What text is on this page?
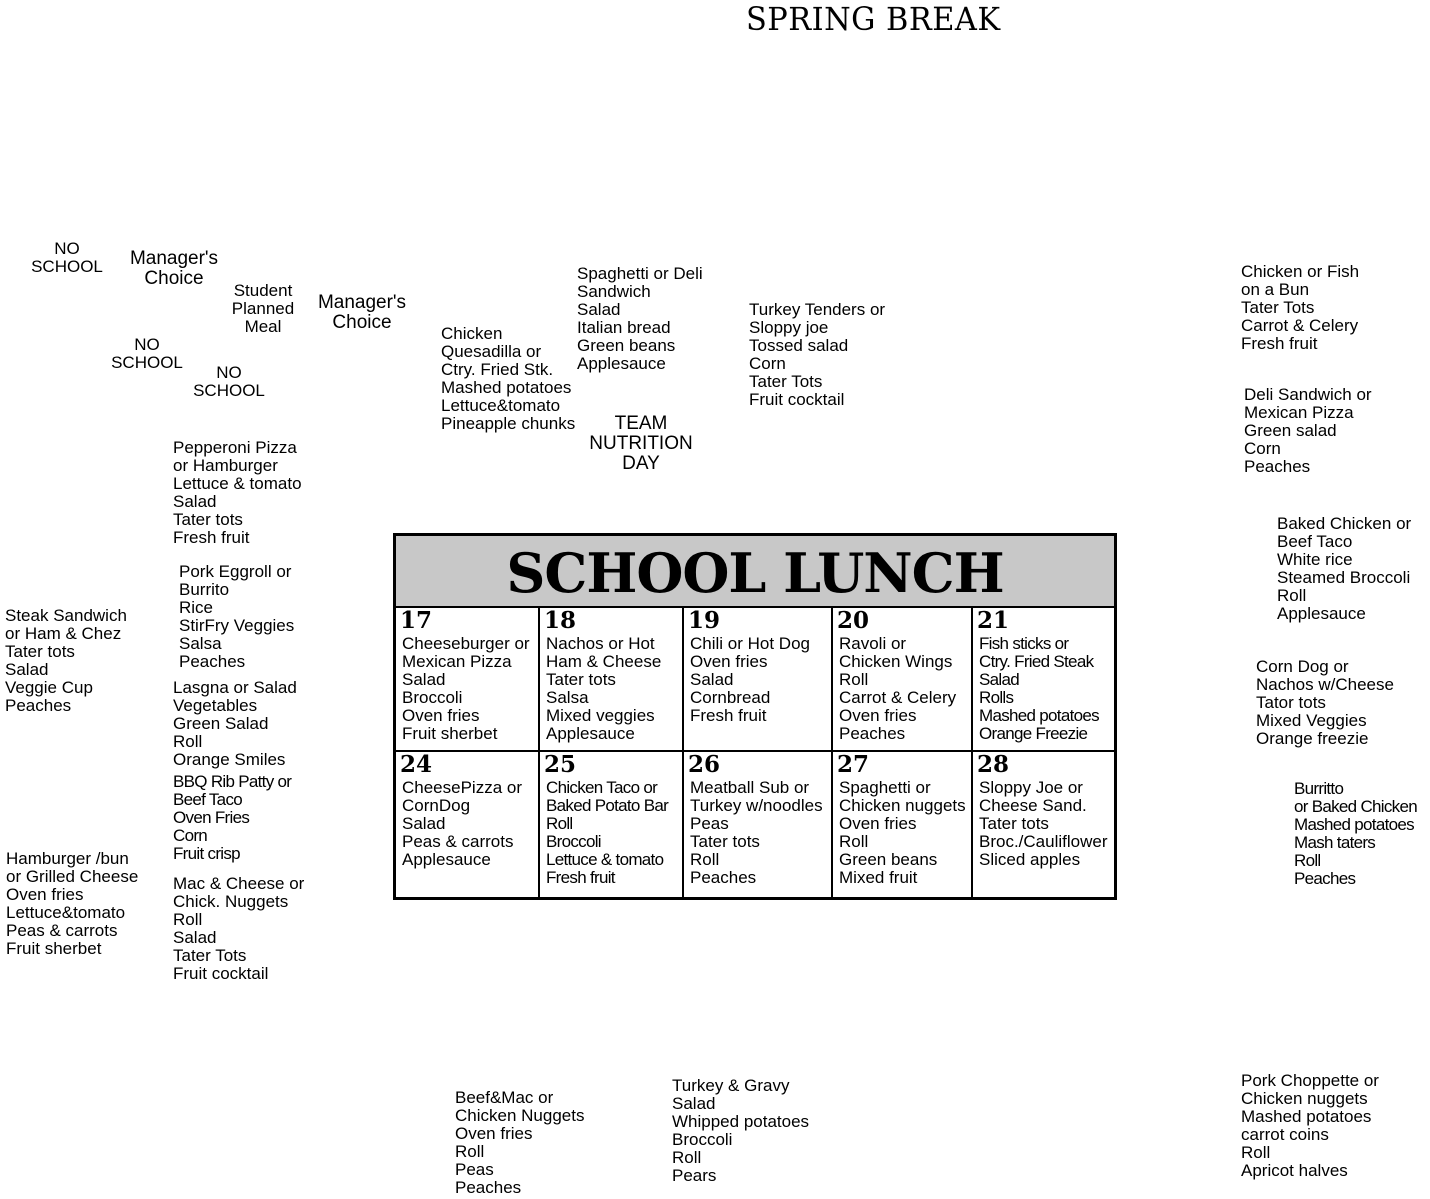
SPRING BREAK
NO
SCHOOL	Manager's
Choice
Student
Planned
Meal
Manager's
Choice
NO
SCHOOL
NO
SCHOOL
TEAM
NUTRITION
DAY
Chicken
Quesadilla or
Ctry. Fried Stk.
Mashed potatoes
Lettuce&tomato
Pineapple chunks
Spaghetti or Deli
Sandwich
Salad
Italian bread
Green beans
Applesauce
Turkey Tenders or
Sloppy joe
Tossed salad
Corn
Tater Tots
Fruit cocktail
Chicken or Fish
on a Bun
Tater Tots
Carrot & Celery
Fresh fruit
Deli Sandwich or
Mexican Pizza
Green salad
Corn
Peaches
Baked Chicken or
Beef Taco
White rice
Steamed Broccoli
Roll
Applesauce
Corn Dog or
Nachos w/Cheese
Tator tots
Mixed Veggies
Orange freezie
Burritto
or Baked Chicken
Mashed potatoes
Mash taters
Roll
Peaches
Pork Choppette or
Chicken nuggets
Mashed potatoes
carrot coins
Roll
Apricot halves
Pepperoni Pizza
or Hamburger
Lettuce & tomato
Salad
Tater tots
Fresh fruit
Pork Eggroll or
Burrito
Rice
StirFry Veggies
Salsa
Peaches
Steak Sandwich
or Ham & Chez
Tater tots
Salad
Veggie Cup
Peaches
Lasgna or Salad
Vegetables
Green Salad
Roll
Orange Smiles
BBQ Rib Patty or
Beef Taco
Oven Fries
Corn
Fruit crisp
Hamburger /bun
or Grilled Cheese
Oven fries
Lettuce&tomato
Peas & carrots
Fruit sherbet
Mac & Cheese or
Chick. Nuggets
Roll
Salad
Tater Tots
Fruit cocktail
Beef&Mac or
Chicken Nuggets
Oven fries
Roll
Peas
Peaches
Turkey & Gravy
Salad
Whipped potatoes
Broccoli
Roll
Pears
SCHOOL LUNCH
17
Cheeseburger or
Mexican Pizza
Salad
Broccoli
Oven fries
Fruit sherbet
18
Nachos or Hot
Ham & Cheese
Tater tots
Salsa
Mixed veggies
Applesauce
19
Chili or Hot Dog
Oven fries
Salad
Cornbread
Fresh fruit
20
Ravoli or
Chicken Wings
Roll
Carrot & Celery
Oven fries
Peaches
21
Fish sticks or
Ctry. Fried Steak
Salad
Rolls
Mashed potatoes
Orange Freezie
24
CheesePizza or
CornDog
Salad
Peas & carrots
Applesauce
25
Chicken Taco or
Baked Potato Bar
Roll
Broccoli
Lettuce & tomato
Fresh fruit
26
Meatball Sub or
Turkey w/noodles
Peas
Tater tots
Roll
Peaches
27
Spaghetti or
Chicken nuggets
Oven fries
Roll
Green beans
Mixed fruit
28
Sloppy Joe or
Cheese Sand.
Tater tots
Broc./Cauliflower
Sliced apples
